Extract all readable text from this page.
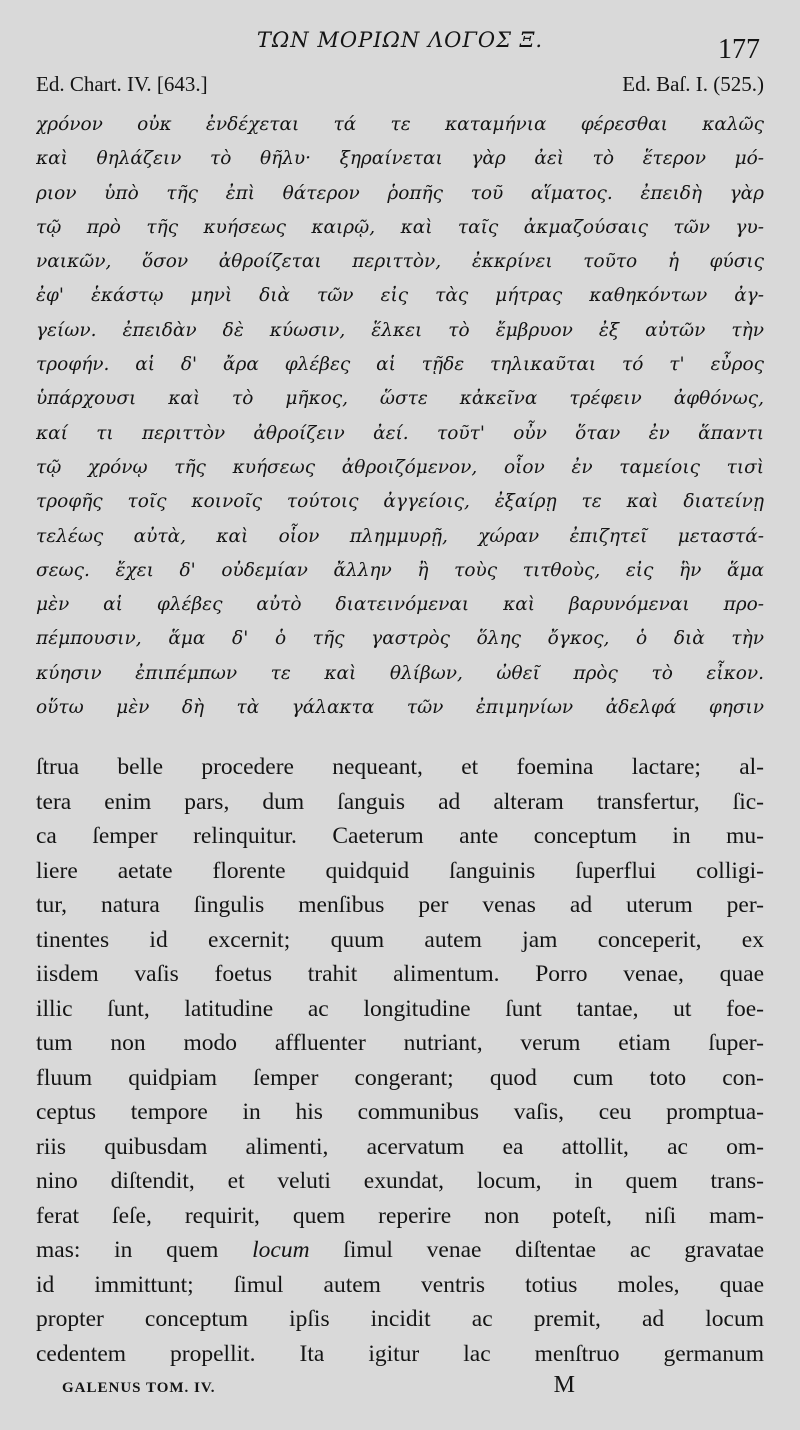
ΤΩΝ ΜΟΡΙΩΝ ΛΟΓΟΣ Ξ.	177
Ed. Chart. IV. [643.]	Ed. Baſ. I. (525.)
χρόνον οὐκ ἐνδέχεται τά τε καταμήνια φέρεσθαι καλῶς
καὶ θηλάζειν τὸ θῆλυ· ξηραίνεται γὰρ ἀεὶ τὸ ἕτερον μό-
ριον ὑπὸ τῆς ἐπὶ θάτερον ῥοπῆς τοῦ αἵματος. ἐπειδὴ γὰρ
τῷ πρὸ τῆς κυήσεως καιρῷ, καὶ ταῖς ἀκμαζούσαις τῶν γυ-
ναικῶν, ὅσον ἀθροίζεται περιττὸν, ἐκκρίνει τοῦτο ἡ φύσις
ἐφ' ἑκάστῳ μηνὶ διὰ τῶν εἰς τὰς μήτρας καθηκόντων ἀγ-
γείων. ἐπειδὰν δὲ κύωσιν, ἕλκει τὸ ἔμβρυον ἐξ αὐτῶν τὴν
τροφήν. αἱ δ' ἄρα φλέβες αἱ τῇδε τηλικαῦται τό τ' εὖρος
ὑπάρχουσι καὶ τὸ μῆκος, ὥστε κἀκεῖνα τρέφειν ἀφθόνως,
καί τι περιττὸν ἀθροίζειν ἀεί. τοῦτ' οὖν ὅταν ἐν ἅπαντι
τῷ χρόνῳ τῆς κυήσεως ἀθροιζόμενον, οἷον ἐν ταμείοις τισὶ
τροφῆς τοῖς κοινοῖς τούτοις ἀγγείοις, ἐξαίρῃ τε καὶ διατείνῃ
τελέως αὐτὰ, καὶ οἷον πλημμυρῇ, χώραν ἐπιζητεῖ μεταστά-
σεως. ἔχει δ' οὐδεμίαν ἄλλην ἢ τοὺς τιτθοὺς, εἰς ἣν ἅμα
μὲν αἱ φλέβες αὐτὸ διατεινόμεναι καὶ βαρυνόμεναι προ-
πέμπουσιν, ἅμα δ' ὁ τῆς γαστρὸς ὅλης ὄγκος, ὁ διὰ τὴν
κύησιν ἐπιπέμπων τε καὶ θλίβων, ὠθεῖ πρὸς τὸ εἶκον.
οὕτω μὲν δὴ τὰ γάλακτα τῶν ἐπιμηνίων ἀδελφά φησιν
ſtrua belle procedere nequeant, et foemina lactare; al-
tera enim pars, dum ſanguis ad alteram transfertur, ſic-
ca ſemper relinquitur. Caeterum ante conceptum in mu-
liere aetate florente quidquid ſanguinis ſuperflui colligi-
tur, natura ſingulis menſibus per venas ad uterum per-
tinentes id excernit; quum autem jam conceperit, ex
iisdem vaſis foetus trahit alimentum. Porro venae, quae
illic ſunt, latitudine ac longitudine ſunt tantae, ut foe-
tum non modo affluenter nutriant, verum etiam ſuper-
fluum quidpiam ſemper congerant; quod cum toto con-
ceptus tempore in his communibus vaſis, ceu promptua-
riis quibusdam alimenti, acervatum ea attollit, ac om-
nino diſtendit, et veluti exundat, locum, in quem trans-
ferat ſeſe, requirit, quem reperire non poteſt, niſi mam-
mas: in quem locum ſimul venae diſtentae ac gravatae
id immittunt; ſimul autem ventris totius moles, quae
propter conceptum ipſis incidit ac premit, ad locum
cedentem propellit. Ita igitur lac menſtruo germanum
GALENUS TOM. IV.	M
